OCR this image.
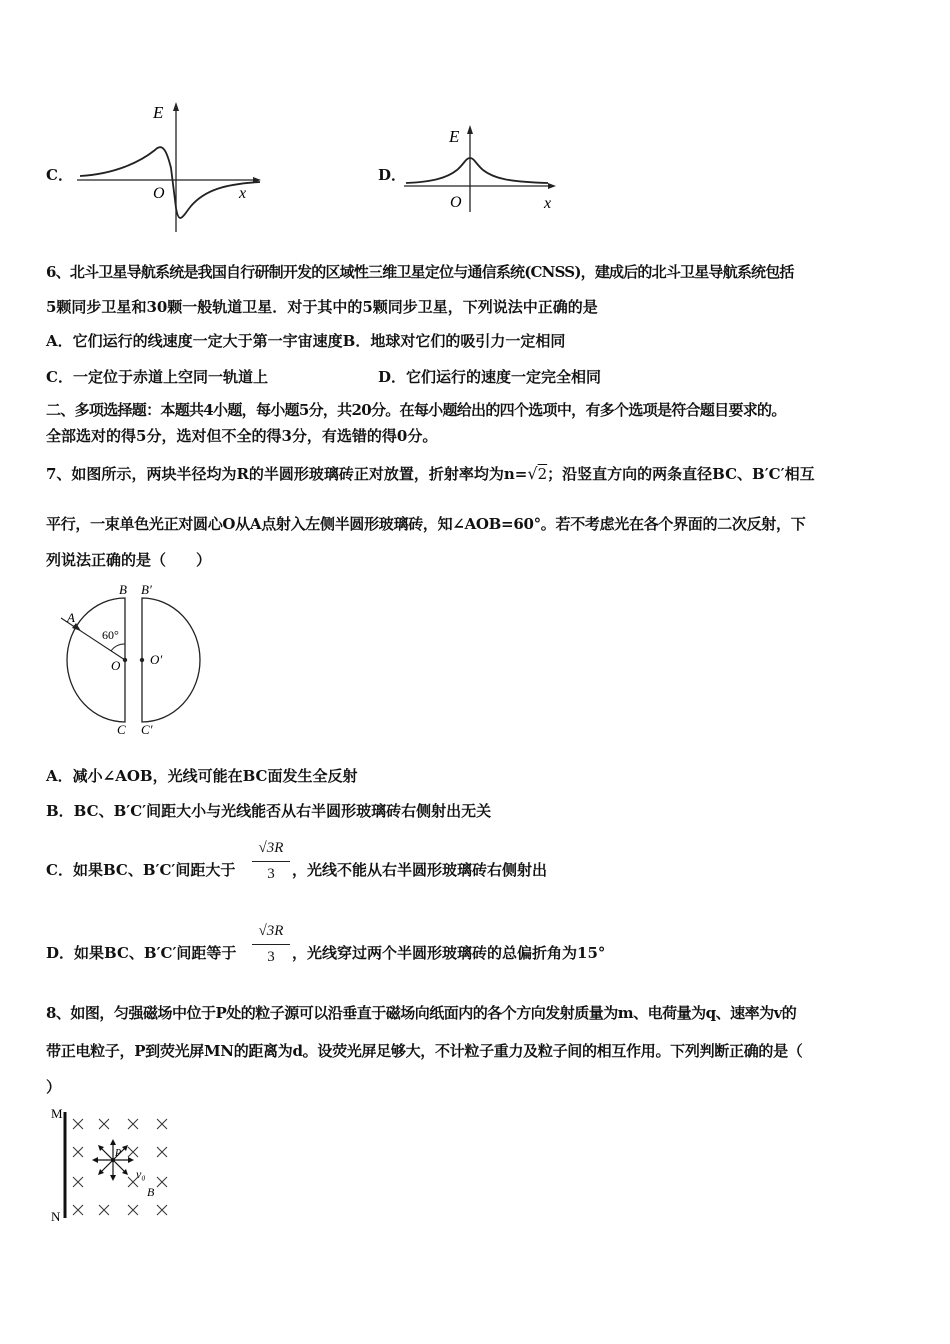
C．
E
O	x
D．
E
O	x
6、北斗卫星导航系统是我国自行研制开发的区域性三维卫星定位与通信系统(CNSS)，建成后的北斗卫星导航系统包括
5颗同步卫星和30颗一般轨道卫星．对于其中的5颗同步卫星，下列说法中正确的是
A．它们运行的线速度一定大于第一宇宙速度B．地球对它们的吸引力一定相同
C．一定位于赤道上空同一轨道上	D．它们运行的速度一定完全相同
二、多项选择题：本题共4小题，每小题5分，共20分。在每小题给出的四个选项中，有多个选项是符合题目要求的。
全部选对的得5分，选对但不全的得3分，有选错的得0分。
7、如图所示，两块半径均为R的半圆形玻璃砖正对放置，折射率均为n=√2；沿竖直方向的两条直径BC、B′C′相互
平行，一束单色光正对圆心O从A点射入左侧半圆形玻璃砖，知∠AOB=60°。若不考虑光在各个界面的二次反射，下
列说法正确的是（　　）
A
B B′
C C′
O O′
60°
A．减小∠AOB，光线可能在BC面发生全反射
B．BC、B′C′间距大小与光线能否从右半圆形玻璃砖右侧射出无关
C．如果BC、B′C′间距大于
√3R
3	，光线不能从右半圆形玻璃砖右侧射出
D．如果BC、B′C′间距等于
√3R
3	，光线穿过两个半圆形玻璃砖的总偏折角为15°
8、如图，匀强磁场中位于P处的粒子源可以沿垂直于磁场向纸面内的各个方向发射质量为m、电荷量为q、速率为v的
带正电粒子，P到荧光屏MN的距离为d。设荧光屏足够大，不计粒子重力及粒子间的相互作用。下列判断正确的是（
）
M
N
P
v₀
B
